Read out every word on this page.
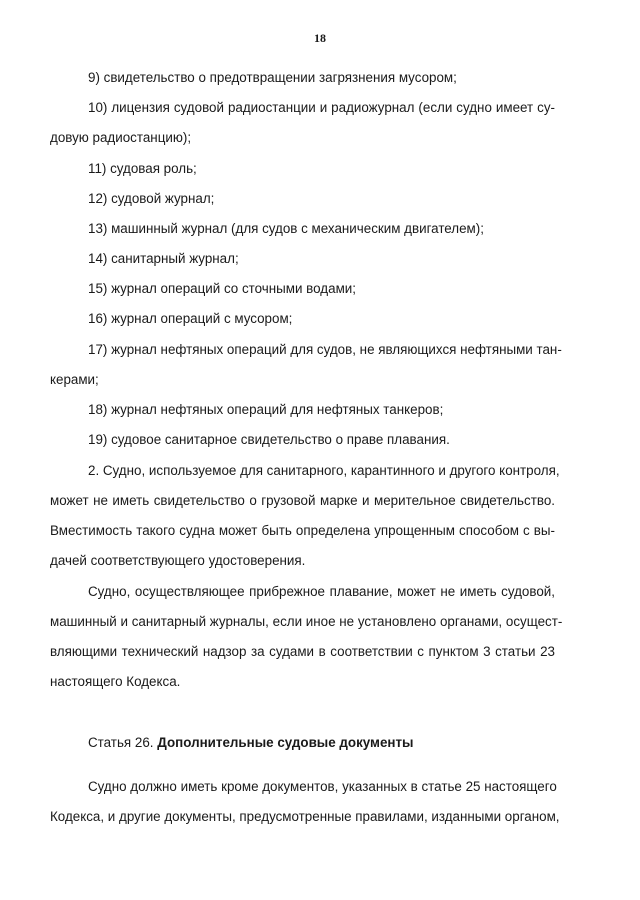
18
9) свидетельство о предотвращении загрязнения мусором;
10) лицензия судовой радиостанции и радиожурнал (если судно имеет су-
довую радиостанцию);
11) судовая роль;
12) судовой журнал;
13) машинный журнал (для судов с механическим двигателем);
14) санитарный журнал;
15) журнал операций со сточными водами;
16) журнал операций с мусором;
17) журнал нефтяных операций для судов, не являющихся нефтяными тан-
керами;
18) журнал нефтяных операций для нефтяных танкеров;
19) судовое санитарное свидетельство о праве плавания.
2. Судно, используемое для санитарного, карантинного и другого контроля,
может не иметь свидетельство о грузовой марке и мерительное свидетельство.
Вместимость такого судна может быть определена упрощенным способом с вы-
дачей соответствующего удостоверения.
Судно, осуществляющее прибрежное плавание, может не иметь судовой,
машинный и санитарный журналы, если иное не установлено органами, осущест-
вляющими технический надзор за судами в соответствии с пунктом 3 статьи 23
настоящего Кодекса.
Статья 26. Дополнительные судовые документы
Судно должно иметь кроме документов, указанных в статье 25 настоящего
Кодекса, и другие документы, предусмотренные правилами, изданными органом,
